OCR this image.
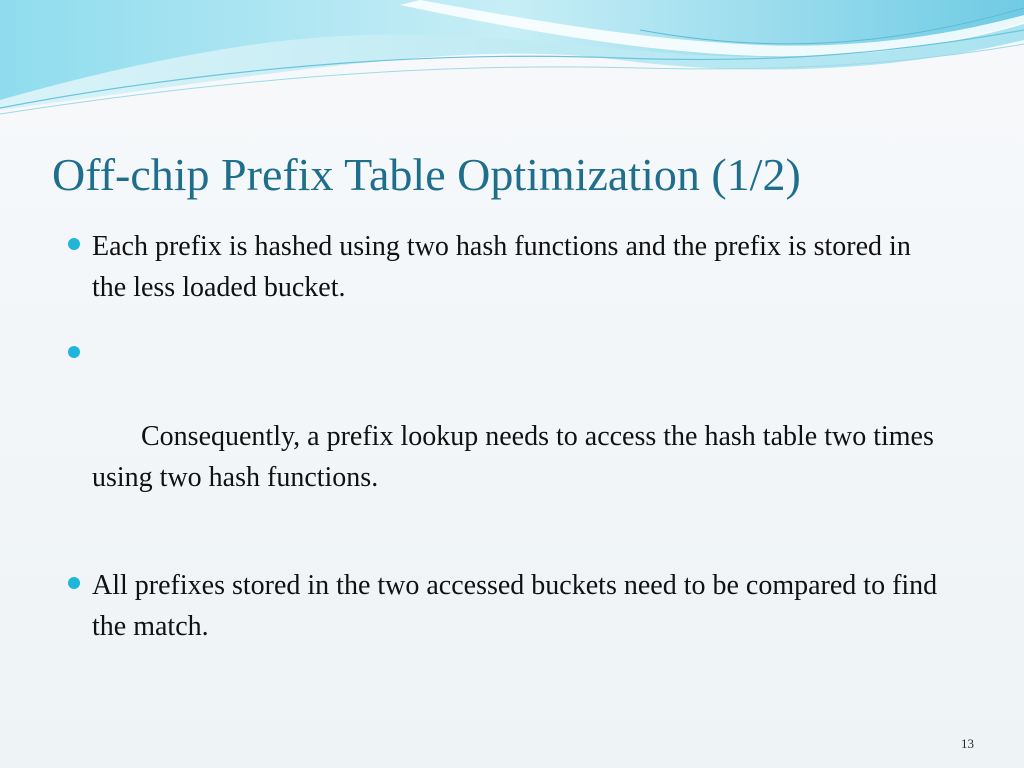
Off-chip Prefix Table Optimization (1/2)
Each prefix is hashed using two hash functions and the prefix is stored in the less loaded bucket.

Consequently, a prefix lookup needs to access the hash table two times using two hash functions.

All prefixes stored in the two accessed buckets need to be compared to find the match.
13
